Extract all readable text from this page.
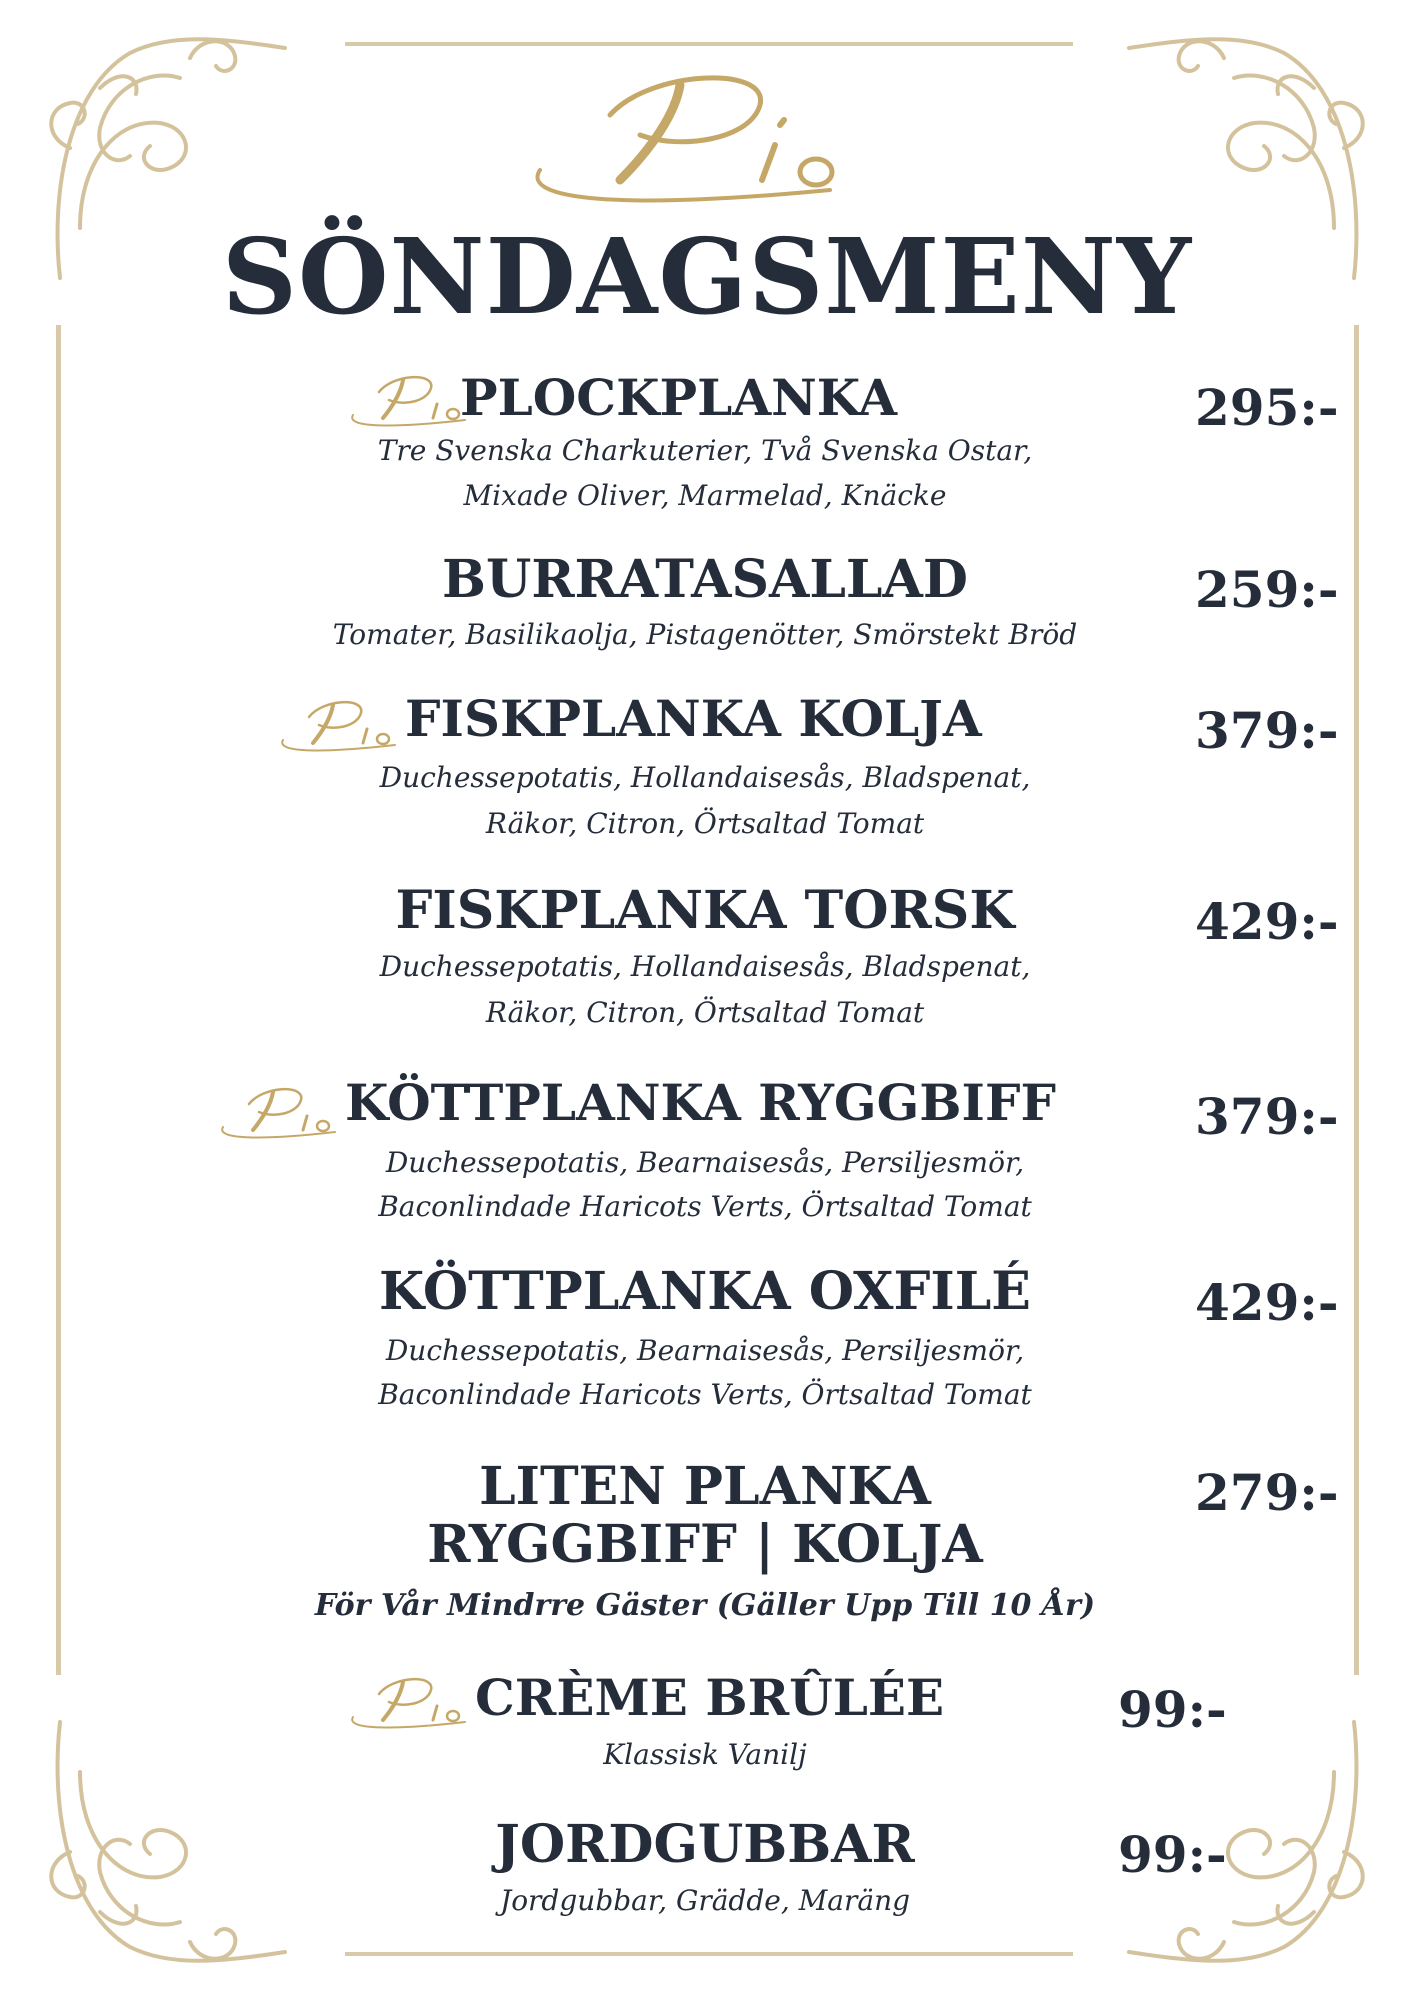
SÖNDAGSMENY
PLOCKPLANKA	295:-
Tre Svenska Charkuterier, Två Svenska Ostar,
Mixade Oliver, Marmelad, Knäcke
BURRATASALLAD	259:-
Tomater, Basilikaolja, Pistagenötter, Smörstekt Bröd
FISKPLANKA KOLJA	379:-
Duchessepotatis, Hollandaisesås, Bladspenat,
Räkor, Citron, Örtsaltad Tomat
FISKPLANKA TORSK	429:-
Duchessepotatis, Hollandaisesås, Bladspenat,
Räkor, Citron, Örtsaltad Tomat
KÖTTPLANKA RYGGBIFF	379:-
Duchessepotatis, Bearnaisesås, Persiljesmör,
Baconlindade Haricots Verts, Örtsaltad Tomat
KÖTTPLANKA OXFILÉ	429:-
Duchessepotatis, Bearnaisesås, Persiljesmör,
Baconlindade Haricots Verts, Örtsaltad Tomat
LITEN PLANKA
RYGGBIFF | KOLJA
279:-
För Vår Mindrre Gäster (Gäller Upp Till 10 År)
CRÈME BRÛLÉE	99:-
Klassisk Vanilj
JORDGUBBAR	99:-
Jordgubbar, Grädde, Maräng
